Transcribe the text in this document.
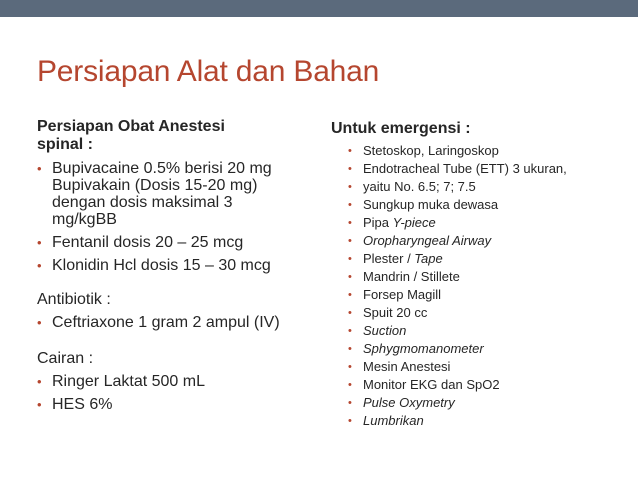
Persiapan Alat dan Bahan

Persiapan Obat Anestesi
spinal :

• Bupivacaine 0.5% berisi 20 mg
Bupivakain (Dosis 15-20 mg)
dengan dosis maksimal 3
mg/kgBB
• Fentanil dosis 20 – 25 mcg
• Klonidin Hcl dosis 15 – 30 mcg

Antibiotik :

• Ceftriaxone 1 gram 2 ampul (IV)

Cairan :

• Ringer Laktat 500 mL
• HES 6%

Untuk emergensi :

• Stetoskop, Laringoskop
• Endotracheal Tube (ETT) 3 ukuran,
• yaitu No. 6.5; 7; 7.5
• Sungkup muka dewasa
• Pipa Y-piece
• Oropharyngeal Airway
• Plester / Tape
• Mandrin / Stillete
• Forsep Magill
• Spuit 20 cc
• Suction
• Sphygmomanometer
• Mesin Anestesi
• Monitor EKG dan SpO2
• Pulse Oxymetry
• Lumbrikan
